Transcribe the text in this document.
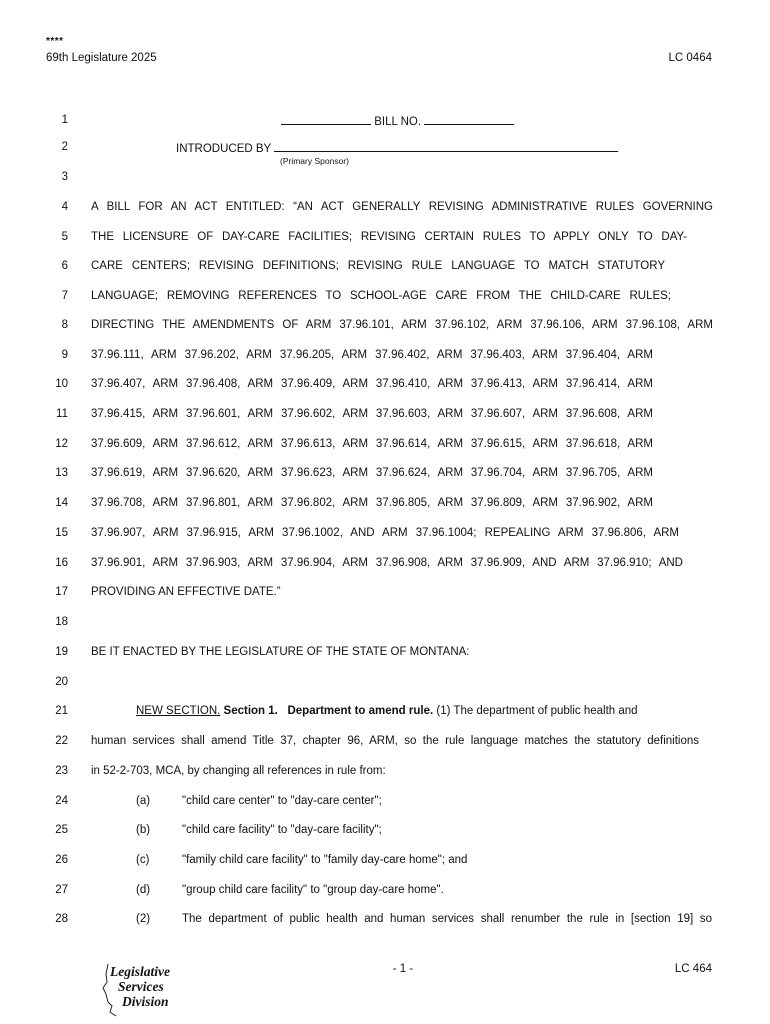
****
69th Legislature 2025	LC 0464
1	BILL NO.
2	INTRODUCED BY
(Primary Sponsor)
3
4 A BILL FOR AN ACT ENTITLED: “AN ACT GENERALLY REVISING ADMINISTRATIVE RULES GOVERNING
5 THE LICENSURE OF DAY-CARE FACILITIES; REVISING CERTAIN RULES TO APPLY ONLY TO DAY-
6 CARE CENTERS; REVISING DEFINITIONS; REVISING RULE LANGUAGE TO MATCH STATUTORY
7 LANGUAGE; REMOVING REFERENCES TO SCHOOL-AGE CARE FROM THE CHILD-CARE RULES;
8 DIRECTING THE AMENDMENTS OF ARM 37.96.101, ARM 37.96.102, ARM 37.96.106, ARM 37.96.108, ARM
9 37.96.111, ARM 37.96.202, ARM 37.96.205, ARM 37.96.402, ARM 37.96.403, ARM 37.96.404, ARM
10 37.96.407, ARM 37.96.408, ARM 37.96.409, ARM 37.96.410, ARM 37.96.413, ARM 37.96.414, ARM
11 37.96.415, ARM 37.96.601, ARM 37.96.602, ARM 37.96.603, ARM 37.96.607, ARM 37.96.608, ARM
12 37.96.609, ARM 37.96.612, ARM 37.96.613, ARM 37.96.614, ARM 37.96.615, ARM 37.96.618, ARM
13 37.96.619, ARM 37.96.620, ARM 37.96.623, ARM 37.96.624, ARM 37.96.704, ARM 37.96.705, ARM
14 37.96.708, ARM 37.96.801, ARM 37.96.802, ARM 37.96.805, ARM 37.96.809, ARM 37.96.902, ARM
15 37.96.907, ARM 37.96.915, ARM 37.96.1002, AND ARM 37.96.1004; REPEALING ARM 37.96.806, ARM
16 37.96.901, ARM 37.96.903, ARM 37.96.904, ARM 37.96.908, ARM 37.96.909, AND ARM 37.96.910; AND
17 PROVIDING AN EFFECTIVE DATE.”
18
19 BE IT ENACTED BY THE LEGISLATURE OF THE STATE OF MONTANA:
20
21	NEW SECTION. Section 1. Department to amend rule. (1) The department of public health and
22 human services shall amend Title 37, chapter 96, ARM, so the rule language matches the statutory definitions
23 in 52-2-703, MCA, by changing all references in rule from:
24	(a)	"child care center" to "day-care center";
25	(b)	"child care facility" to "day-care facility";
26	(c)	"family child care facility" to "family day-care home"; and
27	(d)	"group child care facility" to "group day-care home".
28	(2)	The department of public health and human services shall renumber the rule in [section 19] so
Legislative
Services
Division
- 1 -	LC 464
